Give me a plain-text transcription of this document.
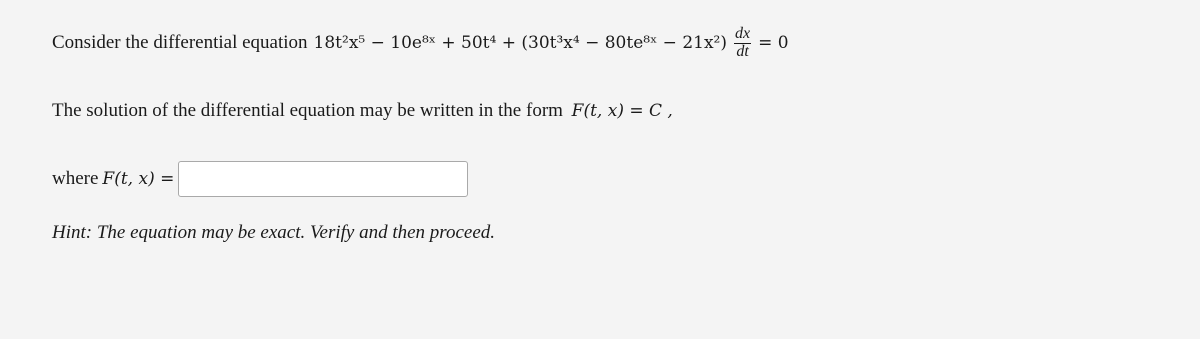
Consider the differential equation 18t²x⁵ − 10e⁸ˣ + 50t⁴ + (30t³x⁴ − 80te⁸ˣ − $21x^2) \frac{dx}{dt} = 0$
The solution of the differential equation may be written in the form F(t, x) = C ,
where F(t, x) =
Hint: The equation may be exact. Verify and then proceed.
